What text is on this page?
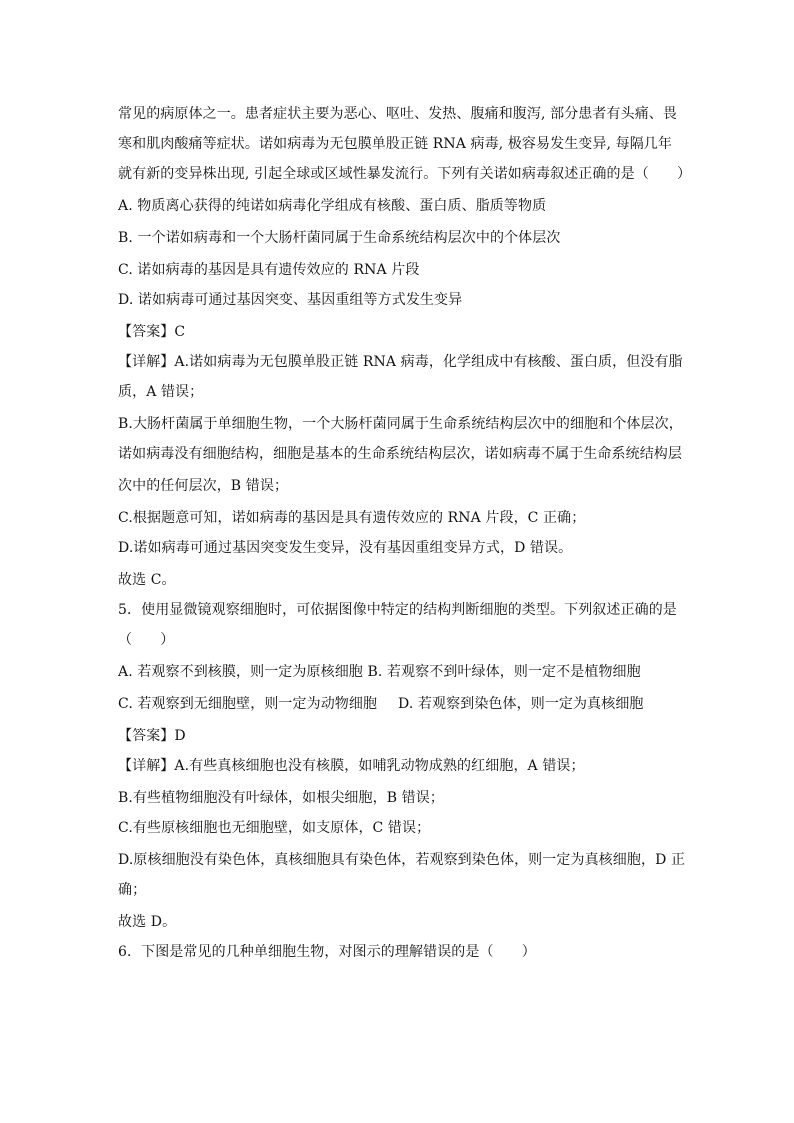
常见的病原体之一。患者症状主要为恶心、呕吐、发热、腹痛和腹泻, 部分患者有头痛、畏
寒和肌肉酸痛等症状。诺如病毒为无包膜单股正链 RNA 病毒, 极容易发生变异, 每隔几年
就有新的变异株出现, 引起全球或区域性暴发流行。下列有关诺如病毒叙述正确的是（　　）
A. 物质离心获得的纯诺如病毒化学组成有核酸、蛋白质、脂质等物质
B. 一个诺如病毒和一个大肠杆菌同属于生命系统结构层次中的个体层次
C. 诺如病毒的基因是具有遗传效应的 RNA 片段
D. 诺如病毒可通过基因突变、基因重组等方式发生变异
【答案】C
【详解】A.诺如病毒为无包膜单股正链 RNA 病毒，化学组成中有核酸、蛋白质，但没有脂
质，A 错误；
B.大肠杆菌属于单细胞生物，一个大肠杆菌同属于生命系统结构层次中的细胞和个体层次，
诺如病毒没有细胞结构，细胞是基本的生命系统结构层次，诺如病毒不属于生命系统结构层
次中的任何层次，B 错误；
C.根据题意可知，诺如病毒的基因是具有遗传效应的 RNA 片段，C 正确；
D.诺如病毒可通过基因突变发生变异，没有基因重组变异方式，D 错误。
故选 C。
5．使用显微镜观察细胞时，可依据图像中特定的结构判断细胞的类型。下列叙述正确的是
（　　）
A. 若观察不到核膜，则一定为原核细胞 B. 若观察不到叶绿体，则一定不是植物细胞
C. 若观察到无细胞壁，则一定为动物细胞 D. 若观察到染色体，则一定为真核细胞
【答案】D
【详解】A.有些真核细胞也没有核膜，如哺乳动物成熟的红细胞，A 错误；
B.有些植物细胞没有叶绿体，如根尖细胞，B 错误；
C.有些原核细胞也无细胞壁，如支原体，C 错误；
D.原核细胞没有染色体，真核细胞具有染色体，若观察到染色体，则一定为真核细胞，D 正
确；
故选 D。
6．下图是常见的几种单细胞生物，对图示的理解错误的是（　　）
